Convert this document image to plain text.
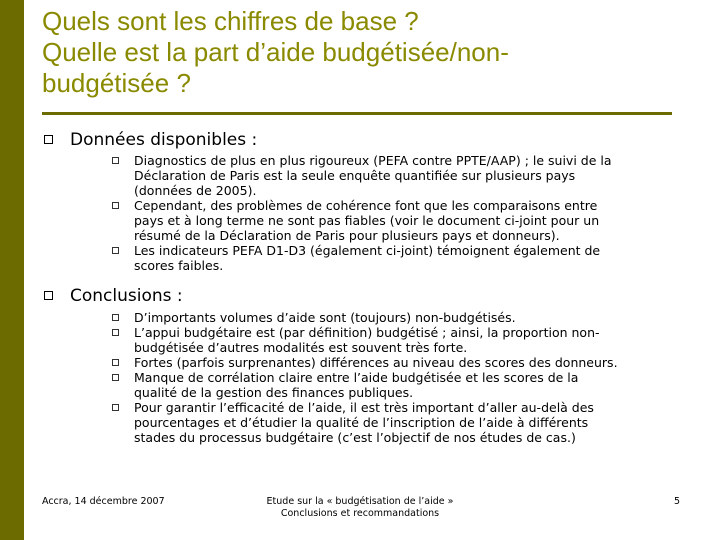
Quels sont les chiffres de base ?
Quelle est la part d’aide budgétisée/non-
budgétisée ?
Données disponibles :
Diagnostics de plus en plus rigoureux (PEFA contre PPTE/AAP) ; le suivi de la
Déclaration de Paris est la seule enquête quantifiée sur plusieurs pays
(données de 2005).
Cependant, des problèmes de cohérence font que les comparaisons entre
pays et à long terme ne sont pas fiables (voir le document ci-joint pour un
résumé de la Déclaration de Paris pour plusieurs pays et donneurs).
Les indicateurs PEFA D1-D3 (également ci-joint) témoignent également de
scores faibles.
Conclusions :
D’importants volumes d’aide sont (toujours) non-budgétisés.
L’appui budgétaire est (par définition) budgétisé ; ainsi, la proportion non-
budgétisée d’autres modalités est souvent très forte.
Fortes (parfois surprenantes) différences au niveau des scores des donneurs.
Manque de corrélation claire entre l’aide budgétisée et les scores de la
qualité de la gestion des finances publiques.
Pour garantir l’efficacité de l’aide, il est très important d’aller au-delà des
pourcentages et d’étudier la qualité de l’inscription de l’aide à différents
stades du processus budgétaire (c’est l’objectif de nos études de cas.)
Accra, 14 décembre 2007	Etude sur la « budgétisation de l’aide »
Conclusions et recommandations
5
